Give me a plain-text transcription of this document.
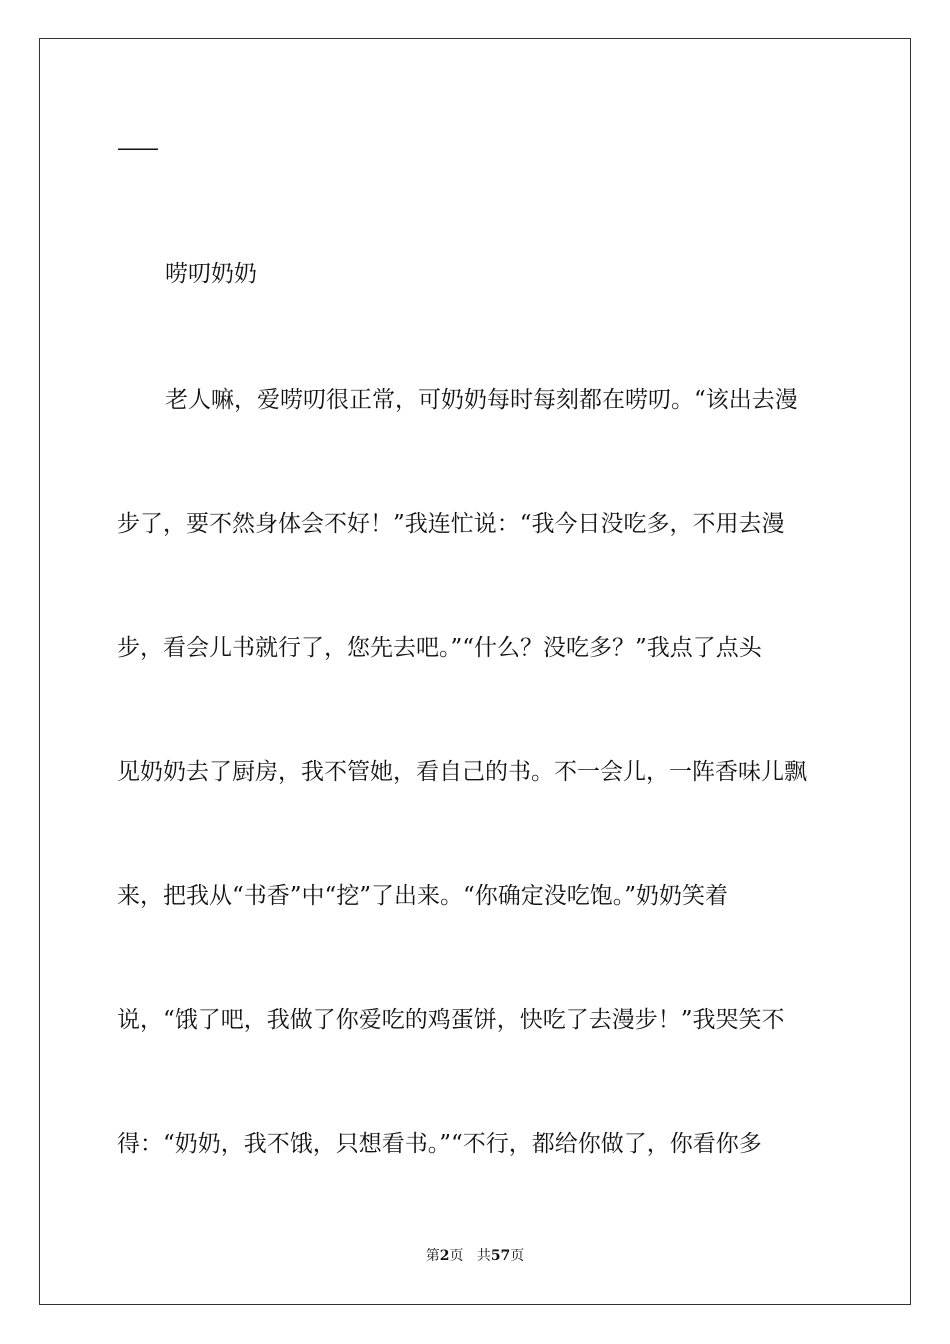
——
唠叨奶奶
老人嘛，爱唠叨很正常，可奶奶每时每刻都在唠叨。“该出去漫
步了，要不然身体会不好！”我连忙说：“我今日没吃多，不用去漫
步，看会儿书就行了，您先去吧。”“什么？没吃多？”我点了点头
见奶奶去了厨房，我不管她，看自己的书。不一会儿，一阵香味儿飘
来，把我从“书香”中“挖”了出来。“你确定没吃饱。”奶奶笑着
说，“饿了吧，我做了你爱吃的鸡蛋饼，快吃了去漫步！”我哭笑不
得：“奶奶，我不饿，只想看书。”“不行，都给你做了，你看你多
第2页 共57页
